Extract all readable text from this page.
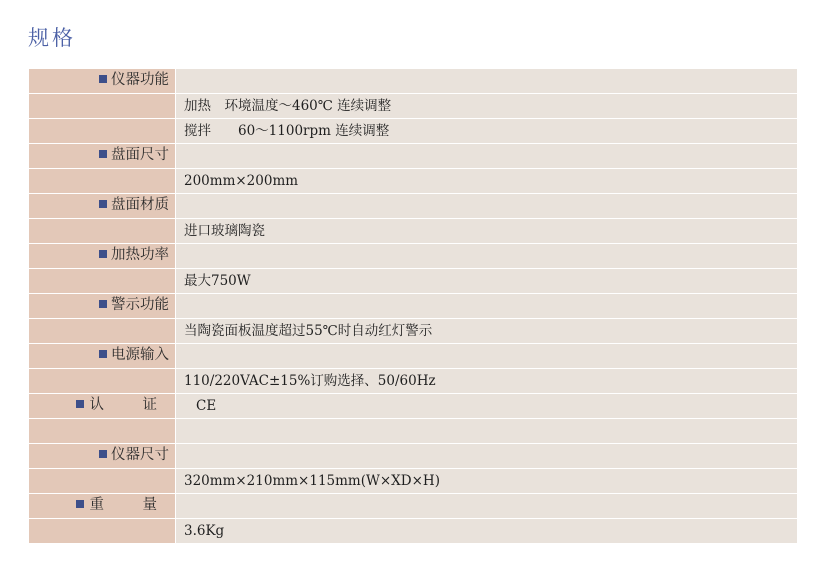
规格
仪器功能	
	加热 环境温度～460℃ 连续调整
	搅拌  60～1100rpm 连续调整
盘面尺寸	
	200mm×200mm
盘面材质	
	进口玻璃陶瓷
加热功率	
	最大750W
警示功能	
	当陶瓷面板温度超过55℃时自动红灯警示
电源输入	
	110/220VAC±15%订购选择、50/60Hz
认　证	CE

仪器尺寸	
	320mm×210mm×115mm(W×XD×H)
重　量	
	3.6Kg
